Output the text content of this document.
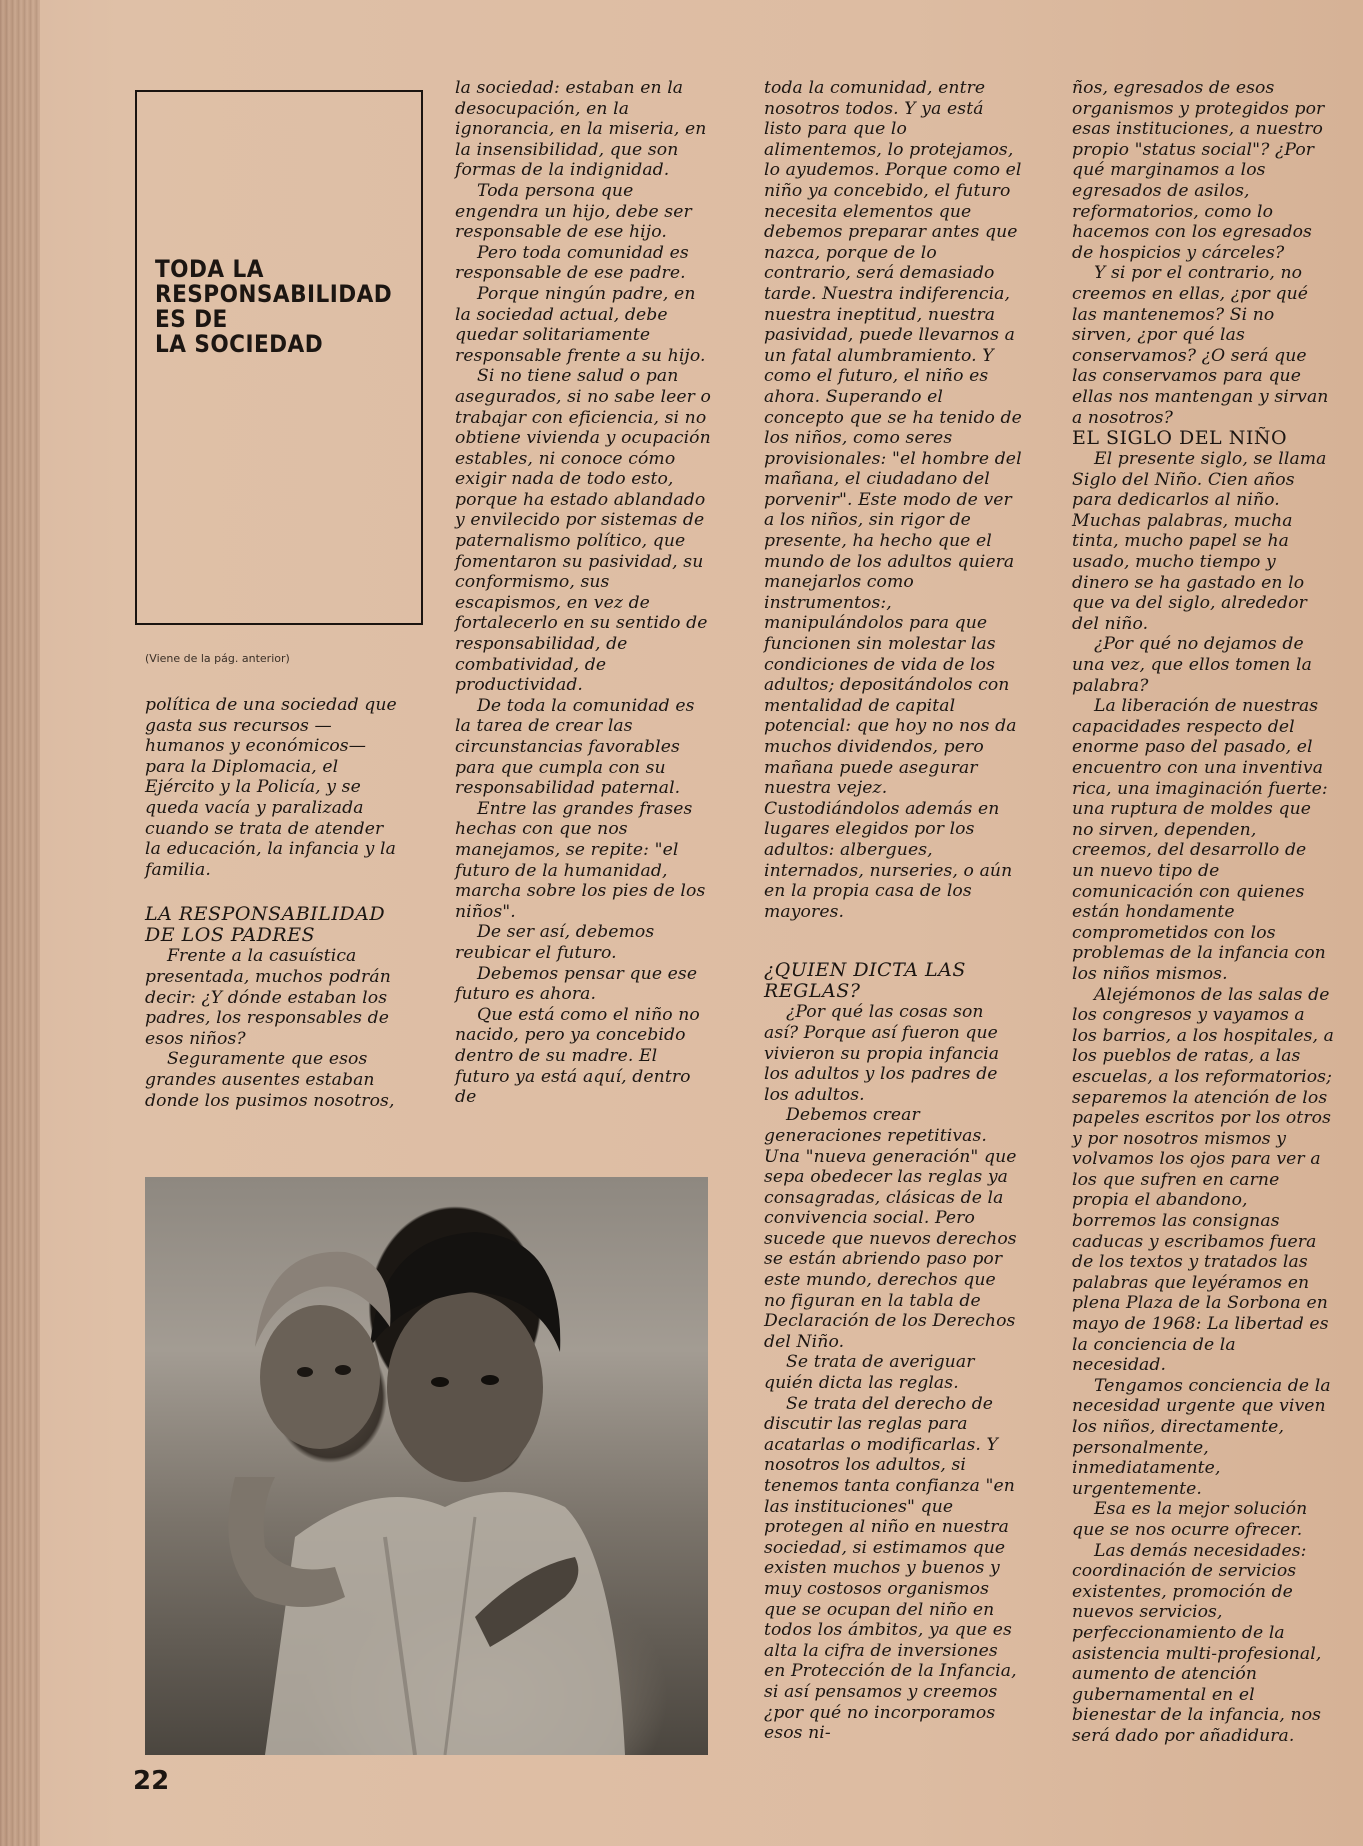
TODA LA
RESPONSABILIDAD
ES DE
LA SOCIEDAD
(Viene de la pág. anterior)

política de una sociedad que gasta sus recursos —humanos y económicos— para la Diplomacia, el Ejército y la Policía, y se queda vacía y paralizada cuando se trata de atender la educación, la infancia y la familia.

LA RESPONSABILIDAD DE LOS PADRES

Frente a la casuística presentada, muchos podrán decir: ¿Y dónde estaban los padres, los responsables de esos niños?

Seguramente que esos grandes ausentes estaban donde los pusimos nosotros,

la sociedad: estaban en la desocupación, en la ignorancia, en la miseria, en la insensibilidad, que son formas de la indignidad.

Toda persona que engendra un hijo, debe ser responsable de ese hijo.

Pero toda comunidad es responsable de ese padre.

Porque ningún padre, en la sociedad actual, debe quedar solitariamente responsable frente a su hijo.

Si no tiene salud o pan asegurados, si no sabe leer o trabajar con eficiencia, si no obtiene vivienda y ocupación estables, ni conoce cómo exigir nada de todo esto, porque ha estado ablandado y envilecido por sistemas de paternalismo político, que fomentaron su pasividad, su conformismo, sus escapismos, en vez de fortalecerlo en su sentido de responsabilidad, de combatividad, de productividad.

De toda la comunidad es la tarea de crear las circunstancias favorables para que cumpla con su responsabilidad paternal.

Entre las grandes frases hechas con que nos manejamos, se repite: "el futuro de la humanidad, marcha sobre los pies de los niños".

De ser así, debemos reubicar el futuro.

Debemos pensar que ese futuro es ahora.

Que está como el niño no nacido, pero ya concebido dentro de su madre. El futuro ya está aquí, dentro de

toda la comunidad, entre nosotros todos. Y ya está listo para que lo alimentemos, lo protejamos, lo ayudemos. Porque como el niño ya concebido, el futuro necesita elementos que debemos preparar antes que nazca, porque de lo contrario, será demasiado tarde. Nuestra indiferencia, nuestra ineptitud, nuestra pasividad, puede llevarnos a un fatal alumbramiento. Y como el futuro, el niño es ahora. Superando el concepto que se ha tenido de los niños, como seres provisionales: "el hombre del mañana, el ciudadano del porvenir". Este modo de ver a los niños, sin rigor de presente, ha hecho que el mundo de los adultos quiera manejarlos como instrumentos:, manipulándolos para que funcionen sin molestar las condiciones de vida de los adultos; depositándolos con mentalidad de capital potencial: que hoy no nos da muchos dividendos, pero mañana puede asegurar nuestra vejez. Custodiándolos además en lugares elegidos por los adultos: albergues, internados, nurseries, o aún en la propia casa de los mayores.

¿QUIEN DICTA LAS REGLAS?

¿Por qué las cosas son así? Porque así fueron que vivieron su propia infancia los adultos y los padres de los adultos.

Debemos crear generaciones repetitivas. Una "nueva generación" que sepa obedecer las reglas ya consagradas, clásicas de la convivencia social. Pero sucede que nuevos derechos se están abriendo paso por este mundo, derechos que no figuran en la tabla de Declaración de los Derechos del Niño.

Se trata de averiguar quién dicta las reglas.

Se trata del derecho de discutir las reglas para acatarlas o modificarlas. Y nosotros los adultos, si tenemos tanta confianza "en las instituciones" que protegen al niño en nuestra sociedad, si estimamos que existen muchos y buenos y muy costosos organismos que se ocupan del niño en todos los ámbitos, ya que es alta la cifra de inversiones en Protección de la Infancia, si así pensamos y creemos ¿por qué no incorporamos esos ni-

ños, egresados de esos organismos y protegidos por esas instituciones, a nuestro propio "status social"? ¿Por qué marginamos a los egresados de asilos, reformatorios, como lo hacemos con los egresados de hospicios y cárceles?

Y si por el contrario, no creemos en ellas, ¿por qué las mantenemos? Si no sirven, ¿por qué las conservamos? ¿O será que las conservamos para que ellas nos mantengan y sirvan a nosotros?

EL SIGLO DEL NIÑO

El presente siglo, se llama Siglo del Niño. Cien años para dedicarlos al niño. Muchas palabras, mucha tinta, mucho papel se ha usado, mucho tiempo y dinero se ha gastado en lo que va del siglo, alrededor del niño.

¿Por qué no dejamos de una vez, que ellos tomen la palabra?

La liberación de nuestras capacidades respecto del enorme paso del pasado, el encuentro con una inventiva rica, una imaginación fuerte: una ruptura de moldes que no sirven, dependen, creemos, del desarrollo de un nuevo tipo de comunicación con quienes están hondamente comprometidos con los problemas de la infancia con los niños mismos.

Alejémonos de las salas de los congresos y vayamos a los barrios, a los hospitales, a los pueblos de ratas, a las escuelas, a los reformatorios; separemos la atención de los papeles escritos por los otros y por nosotros mismos y volvamos los ojos para ver a los que sufren en carne propia el abandono, borremos las consignas caducas y escribamos fuera de los textos y tratados las palabras que leyéramos en plena Plaza de la Sorbona en mayo de 1968: La libertad es la conciencia de la necesidad.

Tengamos conciencia de la necesidad urgente que viven los niños, directamente, personalmente, inmediatamente, urgentemente.

Esa es la mejor solución que se nos ocurre ofrecer.

Las demás necesidades: coordinación de servicios existentes, promoción de nuevos servicios, perfeccionamiento de la asistencia multi-profesional, aumento de atención gubernamental en el bienestar de la infancia, nos será dado por añadidura.

22
